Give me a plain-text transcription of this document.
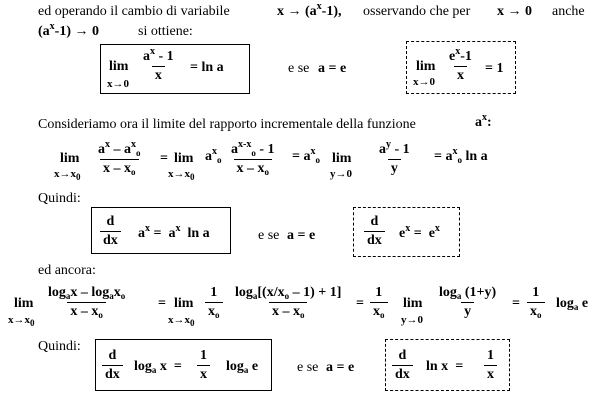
ed operando il cambio di variabile	$x \to (a^x-1)$, osservando che per x → 0 anche
$(a^x-1) \to 0$	si ottiene:
lim
x→0
$\frac{a^x - 1}{x} = \ln a$	e se a = e	lim
$x\to 0 \frac{e^x-1}{x} = 1$
Consideriamo ora il limite del rapporto incrementale della funzione	$a^x$:
lim
$x\to x_0$
$a^x - a^x_o$
x – $x_o$
= lim
$x\to x_0$
$a^x_o \frac{a^{x-x}_o - 1}{x - x_o} = a^x_o$ lim
$y\to 0 \frac{a^y - 1}{y} = a^x_o$ ln a
Quindi:
$\frac{d}{dx} a^x = a^x$  ln a	e se a = e	$\frac{d}{dx} e^x = e^x$
ed ancora:
lim
$x\to x_0$
$\log_ax - \log_ax_o$
x – $x_o$
= lim
$x\to x_0$
$\frac{1}{x_o} \frac{\log_a[(x/x_o - 1) + 1]}{x - x_o} = \frac{1}{x_o}$ lim
y→0
$\frac{\log_a (1+y)}{y} = \frac{1}{x_o} \log_a e$
Quindi:
$\frac{d}{dx} \log_a x = \frac{1}{x} \log_a e$	e se a = e	$\frac{d}{dx}$ $\ln x = \frac{1}{x}$
